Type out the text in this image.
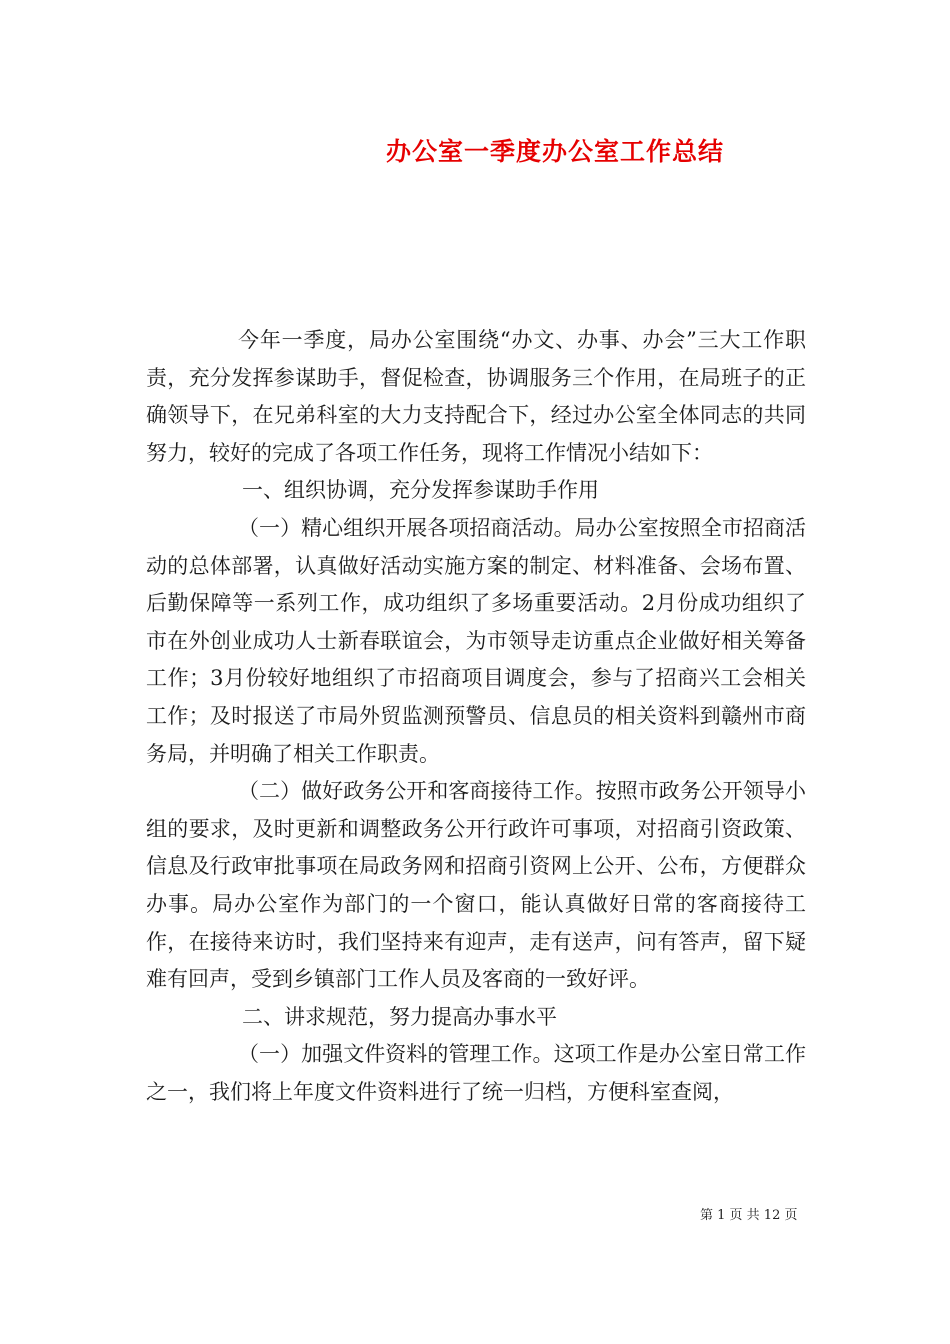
办公室一季度办公室工作总结

今年一季度，局办公室围绕“办文、办事、办会”三大工作职责，充分发挥参谋助手，督促检查，协调服务三个作用，在局班子的正确领导下，在兄弟科室的大力支持配合下，经过办公室全体同志的共同努力，较好的完成了各项工作任务，现将工作情况小结如下：

一、组织协调，充分发挥参谋助手作用

（一）精心组织开展各项招商活动。局办公室按照全市招商活动的总体部署，认真做好活动实施方案的制定、材料准备、会场布置、后勤保障等一系列工作，成功组织了多场重要活动。2月份成功组织了市在外创业成功人士新春联谊会，为市领导走访重点企业做好相关筹备工作；3月份较好地组织了市招商项目调度会，参与了招商兴工会相关工作；及时报送了市局外贸监测预警员、信息员的相关资料到赣州市商务局，并明确了相关工作职责。

（二）做好政务公开和客商接待工作。按照市政务公开领导小组的要求，及时更新和调整政务公开行政许可事项，对招商引资政策、信息及行政审批事项在局政务网和招商引资网上公开、公布，方便群众办事。局办公室作为部门的一个窗口，能认真做好日常的客商接待工作，在接待来访时，我们坚持来有迎声，走有送声，问有答声，留下疑难有回声，受到乡镇部门工作人员及客商的一致好评。

二、讲求规范，努力提高办事水平

（一）加强文件资料的管理工作。这项工作是办公室日常工作之一，我们将上年度文件资料进行了统一归档，方便科室查阅，

第 1 页 共 12 页
